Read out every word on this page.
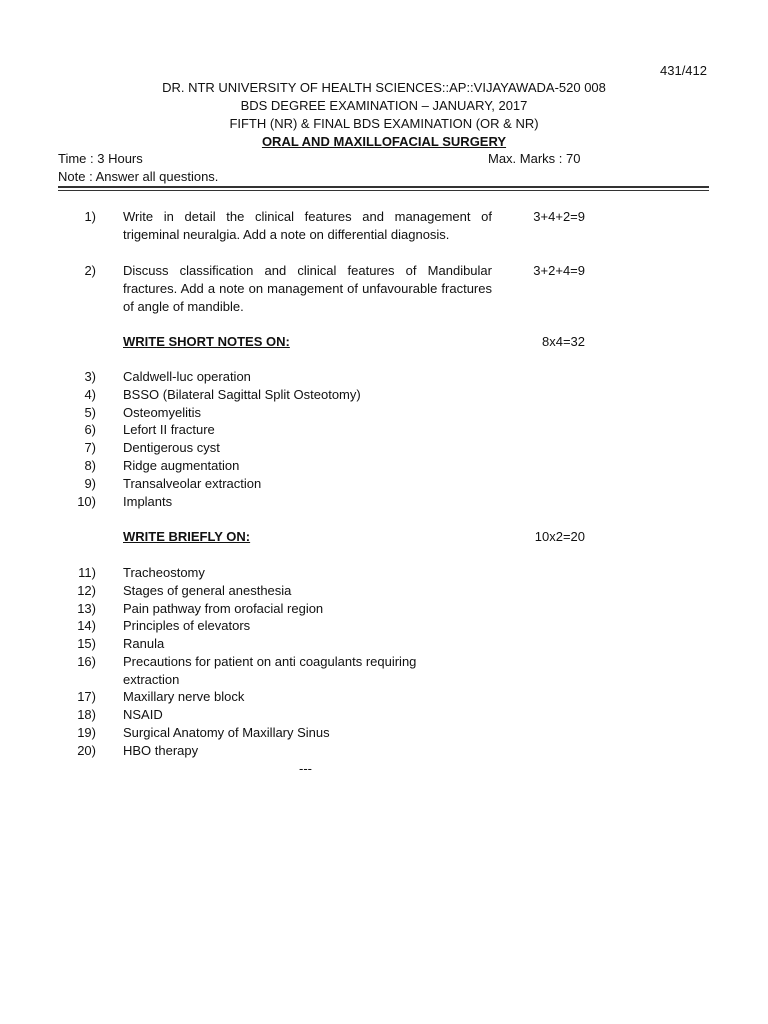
431/412
DR. NTR UNIVERSITY OF HEALTH SCIENCES::AP::VIJAYAWADA-520 008
BDS DEGREE EXAMINATION – JANUARY, 2017
FIFTH (NR) & FINAL BDS EXAMINATION (OR & NR)
ORAL AND MAXILLOFACIAL SURGERY
Time : 3 Hours	Max. Marks : 70
Note : Answer all questions.
1) Write in detail the clinical features and management of trigeminal neuralgia. Add a note on differential diagnosis.
3+4+2=9
2) Discuss classification and clinical features of Mandibular fractures. Add a note on management of unfavourable fractures of angle of mandible.
3+2+4=9
WRITE SHORT NOTES ON:	8x4=32
3) Caldwell-luc operation
4) BSSO (Bilateral Sagittal Split Osteotomy)
5) Osteomyelitis
6) Lefort II fracture
7) Dentigerous cyst
8) Ridge augmentation
9) Transalveolar extraction
10) Implants
WRITE BRIEFLY ON:	10x2=20
11) Tracheostomy
12) Stages of general anesthesia
13) Pain pathway from orofacial region
14) Principles of elevators
15) Ranula
16) Precautions for patient on anti coagulants requiring extraction
17) Maxillary nerve block
18) NSAID
19) Surgical Anatomy of Maxillary Sinus
20) HBO therapy
---
